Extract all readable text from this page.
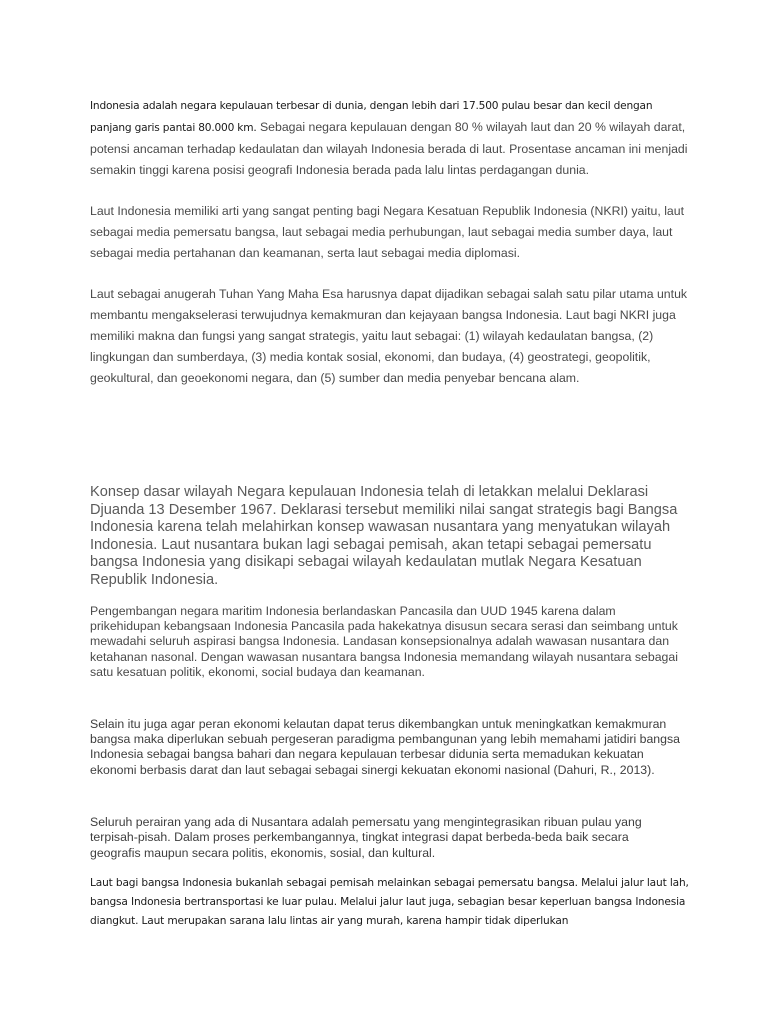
Indonesia adalah negara kepulauan terbesar di dunia, dengan lebih dari 17.500 pulau besar dan kecil dengan panjang garis pantai 80.000 km. Sebagai negara kepulauan dengan 80 % wilayah laut dan 20 % wilayah darat, potensi ancaman terhadap kedaulatan dan wilayah Indonesia berada di laut. Prosentase ancaman ini menjadi semakin tinggi karena posisi geografi Indonesia berada pada lalu lintas perdagangan dunia.

Laut Indonesia memiliki arti yang sangat penting bagi Negara Kesatuan Republik Indonesia (NKRI) yaitu, laut sebagai media pemersatu bangsa, laut sebagai media perhubungan, laut sebagai media sumber daya, laut sebagai media pertahanan dan keamanan, serta laut sebagai media diplomasi.

Laut sebagai anugerah Tuhan Yang Maha Esa harusnya dapat dijadikan sebagai salah satu pilar utama untuk membantu mengakselerasi terwujudnya kemakmuran dan kejayaan bangsa Indonesia. Laut bagi NKRI juga memiliki makna dan fungsi yang sangat strategis, yaitu laut sebagai: (1) wilayah kedaulatan bangsa, (2) lingkungan dan sumberdaya, (3) media kontak sosial, ekonomi, dan budaya, (4) geostrategi, geopolitik, geokultural, dan geoekonomi negara, dan (5) sumber dan media penyebar bencana alam.

Konsep dasar wilayah Negara kepulauan Indonesia telah di letakkan melalui Deklarasi Djuanda 13 Desember 1967. Deklarasi tersebut memiliki nilai sangat strategis bagi Bangsa Indonesia karena telah melahirkan konsep wawasan nusantara yang menyatukan wilayah Indonesia. Laut nusantara bukan lagi sebagai pemisah, akan tetapi sebagai pemersatu bangsa Indonesia yang disikapi sebagai wilayah kedaulatan mutlak Negara Kesatuan Republik Indonesia.

Pengembangan negara maritim Indonesia berlandaskan Pancasila dan UUD 1945 karena dalam prikehidupan kebangsaan Indonesia Pancasila pada hakekatnya disusun secara serasi dan seimbang untuk mewadahi seluruh aspirasi bangsa Indonesia. Landasan konsepsionalnya adalah wawasan nusantara dan ketahanan nasonal. Dengan wawasan nusantara bangsa Indonesia memandang wilayah nusantara sebagai satu kesatuan politik, ekonomi, social budaya dan keamanan.

Selain itu juga agar peran ekonomi kelautan dapat terus dikembangkan untuk meningkatkan kemakmuran bangsa maka diperlukan sebuah pergeseran paradigma pembangunan yang lebih memahami jatidiri bangsa Indonesia sebagai bangsa bahari dan negara kepulauan terbesar didunia serta memadukan kekuatan ekonomi berbasis darat dan laut sebagai sebagai sinergi kekuatan ekonomi nasional (Dahuri, R., 2013).

Seluruh perairan yang ada di Nusantara adalah pemersatu yang mengintegrasikan ribuan pulau yang terpisah-pisah. Dalam proses perkembangannya, tingkat integrasi dapat berbeda-beda baik secara geografis maupun secara politis, ekonomis, sosial, dan kultural.

Laut bagi bangsa Indonesia bukanlah sebagai pemisah melainkan sebagai pemersatu bangsa. Melalui jalur laut lah, bangsa Indonesia bertransportasi ke luar pulau. Melalui jalur laut juga, sebagian besar keperluan bangsa Indonesia diangkut. Laut merupakan sarana lalu lintas air yang murah, karena hampir tidak diperlukan
